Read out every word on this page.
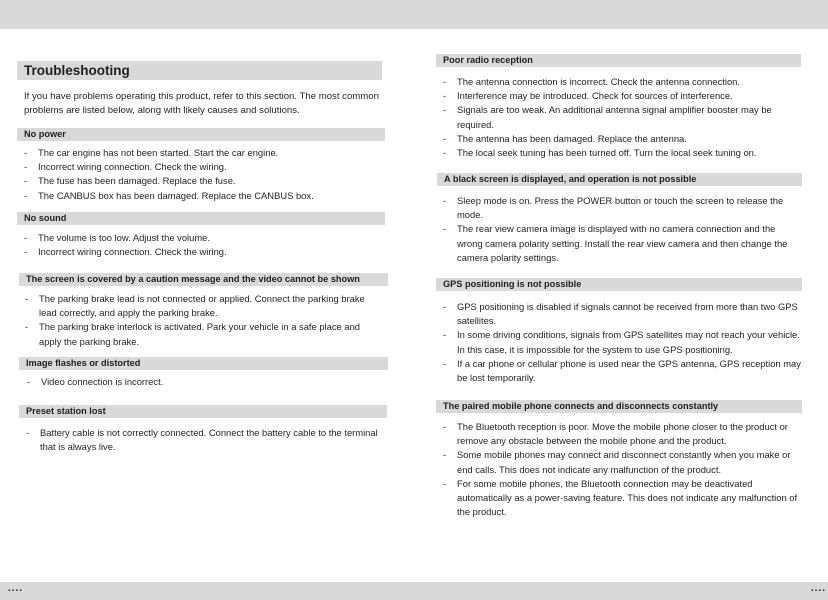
Troubleshooting
If you have problems operating this product, refer to this section. The most common problems are listed below, along with likely causes and solutions.
No power
- The car engine has not been started. Start the car engine.
- Incorrect wiring connection. Check the wiring.
- The fuse has been damaged. Replace the fuse.
- The CANBUS box has been damaged. Replace the CANBUS box.
No sound
- The volume is too low. Adjust the volume.
- Incorrect wiring connection. Check the wiring.
The screen is covered by a caution message and the video cannot be shown
- The parking brake lead is not connected or applied. Connect the parking brake lead correctly, and apply the parking brake.
- The parking brake interlock is activated. Park your vehicle in a safe place and apply the parking brake.
Image flashes or distorted
- Video connection is incorrect.
Preset station lost
- Battery cable is not correctly connected. Connect the battery cable to the terminal that is always live.
Poor radio reception
- The antenna connection is incorrect. Check the antenna connection.
- Interference may be introduced. Check for sources of interference.
- Signals are too weak. An additional antenna signal amplifier booster may be required.
- The antenna has been damaged. Replace the antenna.
- The local seek tuning has been turned off. Turn the local seek tuning on.
A black screen is displayed, and operation is not possible
- Sleep mode is on. Press the POWER button or touch the screen to release the mode.
- The rear view camera image is displayed with no camera connection and the wrong camera polarity setting. Install the rear view camera and then change the camera polarity settings.
GPS positioning is not possible
- GPS positioning is disabled if signals cannot be received from more than two GPS satellites.
- In some driving conditions, signals from GPS satellites may not reach your vehicle. In this case, it is impossible for the system to use GPS positioning.
- If a car phone or cellular phone is used near the GPS antenna, GPS reception may be lost temporarily.
The paired mobile phone connects and disconnects constantly
- The Bluetooth reception is poor. Move the mobile phone closer to the product or remove any obstacle between the mobile phone and the product.
- Some mobile phones may connect and disconnect constantly when you make or end calls. This does not indicate any malfunction of the product.
- For some mobile phones, the Bluetooth connection may be deactivated automatically as a power-saving feature. This does not indicate any malfunction of the product.
....	....
